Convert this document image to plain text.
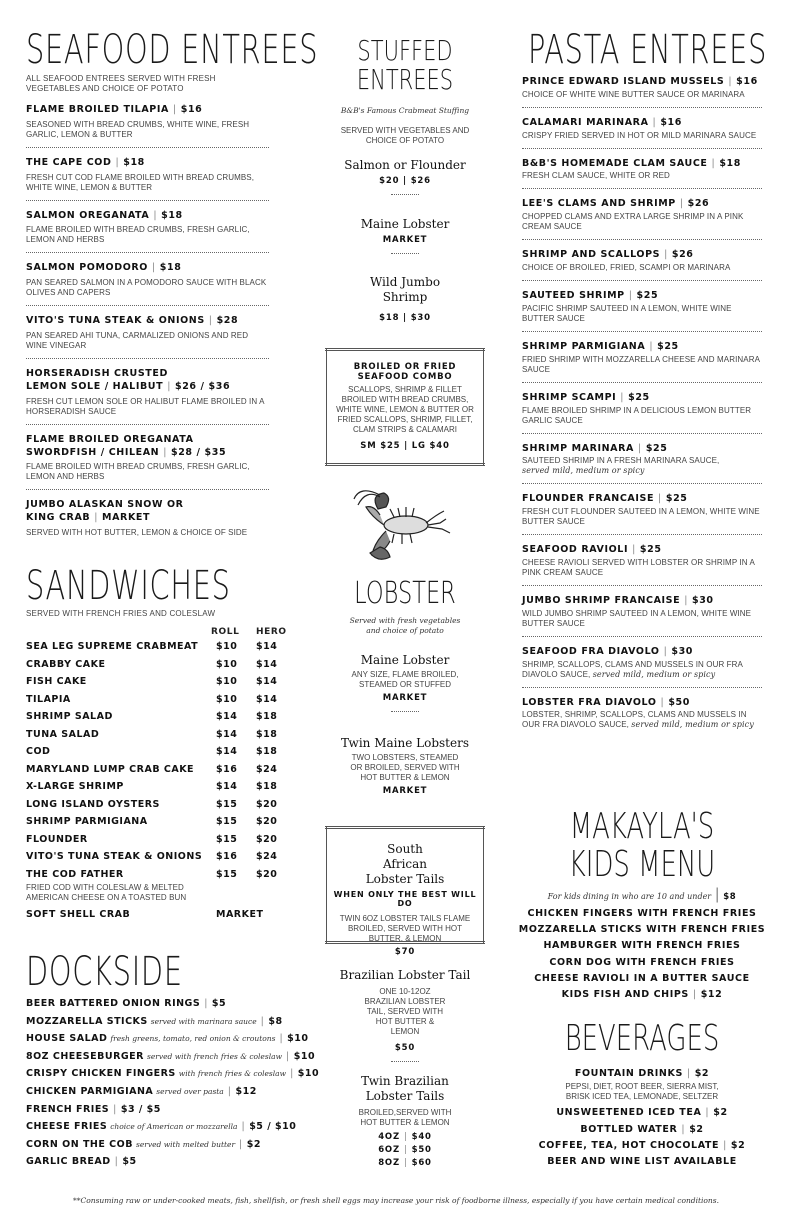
SEAFOOD ENTREES
ALL SEAFOOD ENTREES SERVED WITH FRESH VEGETABLES AND CHOICE OF POTATO
FLAME BROILED TILAPIA | $16
SEASONED WITH BREAD CRUMBS, WHITE WINE, FRESH GARLIC, LEMON & BUTTER
THE CAPE COD | $18
FRESH CUT COD FLAME BROILED WITH BREAD CRUMBS, WHITE WINE, LEMON & BUTTER
SALMON OREGANATA | $18
FLAME BROILED WITH BREAD CRUMBS, FRESH GARLIC, LEMON AND HERBS
SALMON POMODORO | $18
PAN SEARED SALMON IN A POMODORO SAUCE WITH BLACK OLIVES AND CAPERS
VITO'S TUNA STEAK & ONIONS | $28
PAN SEARED AHI TUNA, CARMALIZED ONIONS AND RED WINE VINEGAR
HORSERADISH CRUSTED
LEMON SOLE / HALIBUT | $26 / $36
FRESH CUT LEMON SOLE OR HALIBUT FLAME BROILED IN A HORSERADISH SAUCE
FLAME BROILED OREGANATA
SWORDFISH / CHILEAN | $28 / $35
FLAME BROILED WITH BREAD CRUMBS, FRESH GARLIC, LEMON AND HERBS
JUMBO ALASKAN SNOW OR
KING CRAB | MARKET
SERVED WITH HOT BUTTER, LEMON & CHOICE OF SIDE
SANDWICHES
SERVED WITH FRENCH FRIES AND COLESLAW
ROLL	HERO
SEA LEG SUPREME CRABMEAT	$10	$14
CRABBY CAKE	$10	$14
FISH CAKE	$10	$14
TILAPIA	$10	$14
SHRIMP SALAD	$14	$18
TUNA SALAD	$14	$18
COD	$14	$18
MARYLAND LUMP CRAB CAKE	$16	$24
X-LARGE SHRIMP	$14	$18
LONG ISLAND OYSTERS	$15	$20
SHRIMP PARMIGIANA	$15	$20
FLOUNDER	$15	$20
VITO'S TUNA STEAK & ONIONS	$16	$24
THE COD FATHER	$15	$20
FRIED COD WITH COLESLAW & MELTED AMERICAN CHEESE ON A TOASTED BUN
SOFT SHELL CRAB	MARKET
DOCKSIDE
BEER BATTERED ONION RINGS | $5
MOZZARELLA STICKS served with marinara sauce | $8
HOUSE SALAD fresh greens, tomato, red onion & croutons | $10
8OZ CHEESEBURGER served with french fries & coleslaw | $10
CRISPY CHICKEN FINGERS with french fries & coleslaw | $10
CHICKEN PARMIGIANA served over pasta | $12
FRENCH FRIES | $3 / $5
CHEESE FRIES choice of American or mozzarella | $5 / $10
CORN ON THE COB served with melted butter | $2
GARLIC BREAD | $5
STUFFED
ENTREES
B&B's Famous Crabmeat Stuffing
SERVED WITH VEGETABLES AND CHOICE OF POTATO
Salmon or Flounder
$20 | $26
Maine Lobster
MARKET
Wild Jumbo Shrimp
$18 | $30
BROILED OR FRIED
SEAFOOD COMBO
SCALLOPS, SHRIMP & FILLET BROILED WITH BREAD CRUMBS, WHITE WINE, LEMON & BUTTER OR FRIED SCALLOPS, SHRIMP, FILLET, CLAM STRIPS & CALAMARI
SM $25 | LG $40
LOBSTER
Served with fresh vegetables and choice of potato
Maine Lobster
ANY SIZE, FLAME BROILED, STEAMED OR STUFFED
MARKET
Twin Maine Lobsters
TWO LOBSTERS, STEAMED OR BROILED, SERVED WITH HOT BUTTER & LEMON
MARKET
South African Lobster Tails
WHEN ONLY THE BEST WILL DO
TWIN 6OZ LOBSTER TAILS FLAME BROILED, SERVED WITH HOT BUTTER, & LEMON
$70
Brazilian Lobster Tail
ONE 10-12OZ BRAZILIAN LOBSTER TAIL, SERVED WITH HOT BUTTER & LEMON
$50
Twin Brazilian Lobster Tails
BROILED,SERVED WITH HOT BUTTER & LEMON
4OZ | $40
6OZ | $50
8OZ | $60
PASTA ENTREES
PRINCE EDWARD ISLAND MUSSELS | $16
CHOICE OF WHITE WINE BUTTER SAUCE OR MARINARA
CALAMARI MARINARA | $16
CRISPY FRIED SERVED IN HOT OR MILD MARINARA SAUCE
B&B'S HOMEMADE CLAM SAUCE | $18
FRESH CLAM SAUCE, WHITE OR RED
LEE'S CLAMS AND SHRIMP | $26
CHOPPED CLAMS AND EXTRA LARGE SHRIMP IN A PINK CREAM SAUCE
SHRIMP AND SCALLOPS | $26
CHOICE OF BROILED, FRIED, SCAMPI OR MARINARA
SAUTEED SHRIMP | $25
PACIFIC SHRIMP SAUTEED IN A LEMON, WHITE WINE BUTTER SAUCE
SHRIMP PARMIGIANA | $25
FRIED SHRIMP WITH MOZZARELLA CHEESE AND MARINARA SAUCE
SHRIMP SCAMPI | $25
FLAME BROILED SHRIMP IN A DELICIOUS LEMON BUTTER GARLIC SAUCE
SHRIMP MARINARA | $25
SAUTEED SHRIMP IN A FRESH MARINARA SAUCE,
served mild, medium or spicy
FLOUNDER FRANCAISE | $25
FRESH CUT FLOUNDER SAUTEED IN A LEMON, WHITE WINE BUTTER SAUCE
SEAFOOD RAVIOLI | $25
CHEESE RAVIOLI SERVED WITH LOBSTER OR SHRIMP IN A PINK CREAM SAUCE
JUMBO SHRIMP FRANCAISE | $30
WILD JUMBO SHRIMP SAUTEED IN A LEMON, WHITE WINE BUTTER SAUCE
SEAFOOD FRA DIAVOLO | $30
SHRIMP, SCALLOPS, CLAMS AND MUSSELS IN OUR FRA DIAVOLO SAUCE, served mild, medium or spicy
LOBSTER FRA DIAVOLO | $50
LOBSTER, SHRIMP, SCALLOPS, CLAMS AND MUSSELS IN OUR FRA DIAVOLO SAUCE, served mild, medium or spicy
MAKAYLA'S
KIDS MENU
For kids dining in who are 10 and under | $8
CHICKEN FINGERS WITH FRENCH FRIES
MOZZARELLA STICKS WITH FRENCH FRIES
HAMBURGER WITH FRENCH FRIES
CORN DOG WITH FRENCH FRIES
CHEESE RAVIOLI IN A BUTTER SAUCE
KIDS FISH AND CHIPS | $12
BEVERAGES
FOUNTAIN DRINKS | $2
PEPSI, DIET, ROOT BEER, SIERRA MIST, BRISK ICED TEA, LEMONADE, SELTZER
UNSWEETENED ICED TEA | $2
BOTTLED WATER | $2
COFFEE, TEA, HOT CHOCOLATE | $2
BEER AND WINE LIST AVAILABLE
**Consuming raw or under-cooked meats, fish, shellfish, or fresh shell eggs may increase your risk of foodborne illness, especially if you have certain medical conditions.
